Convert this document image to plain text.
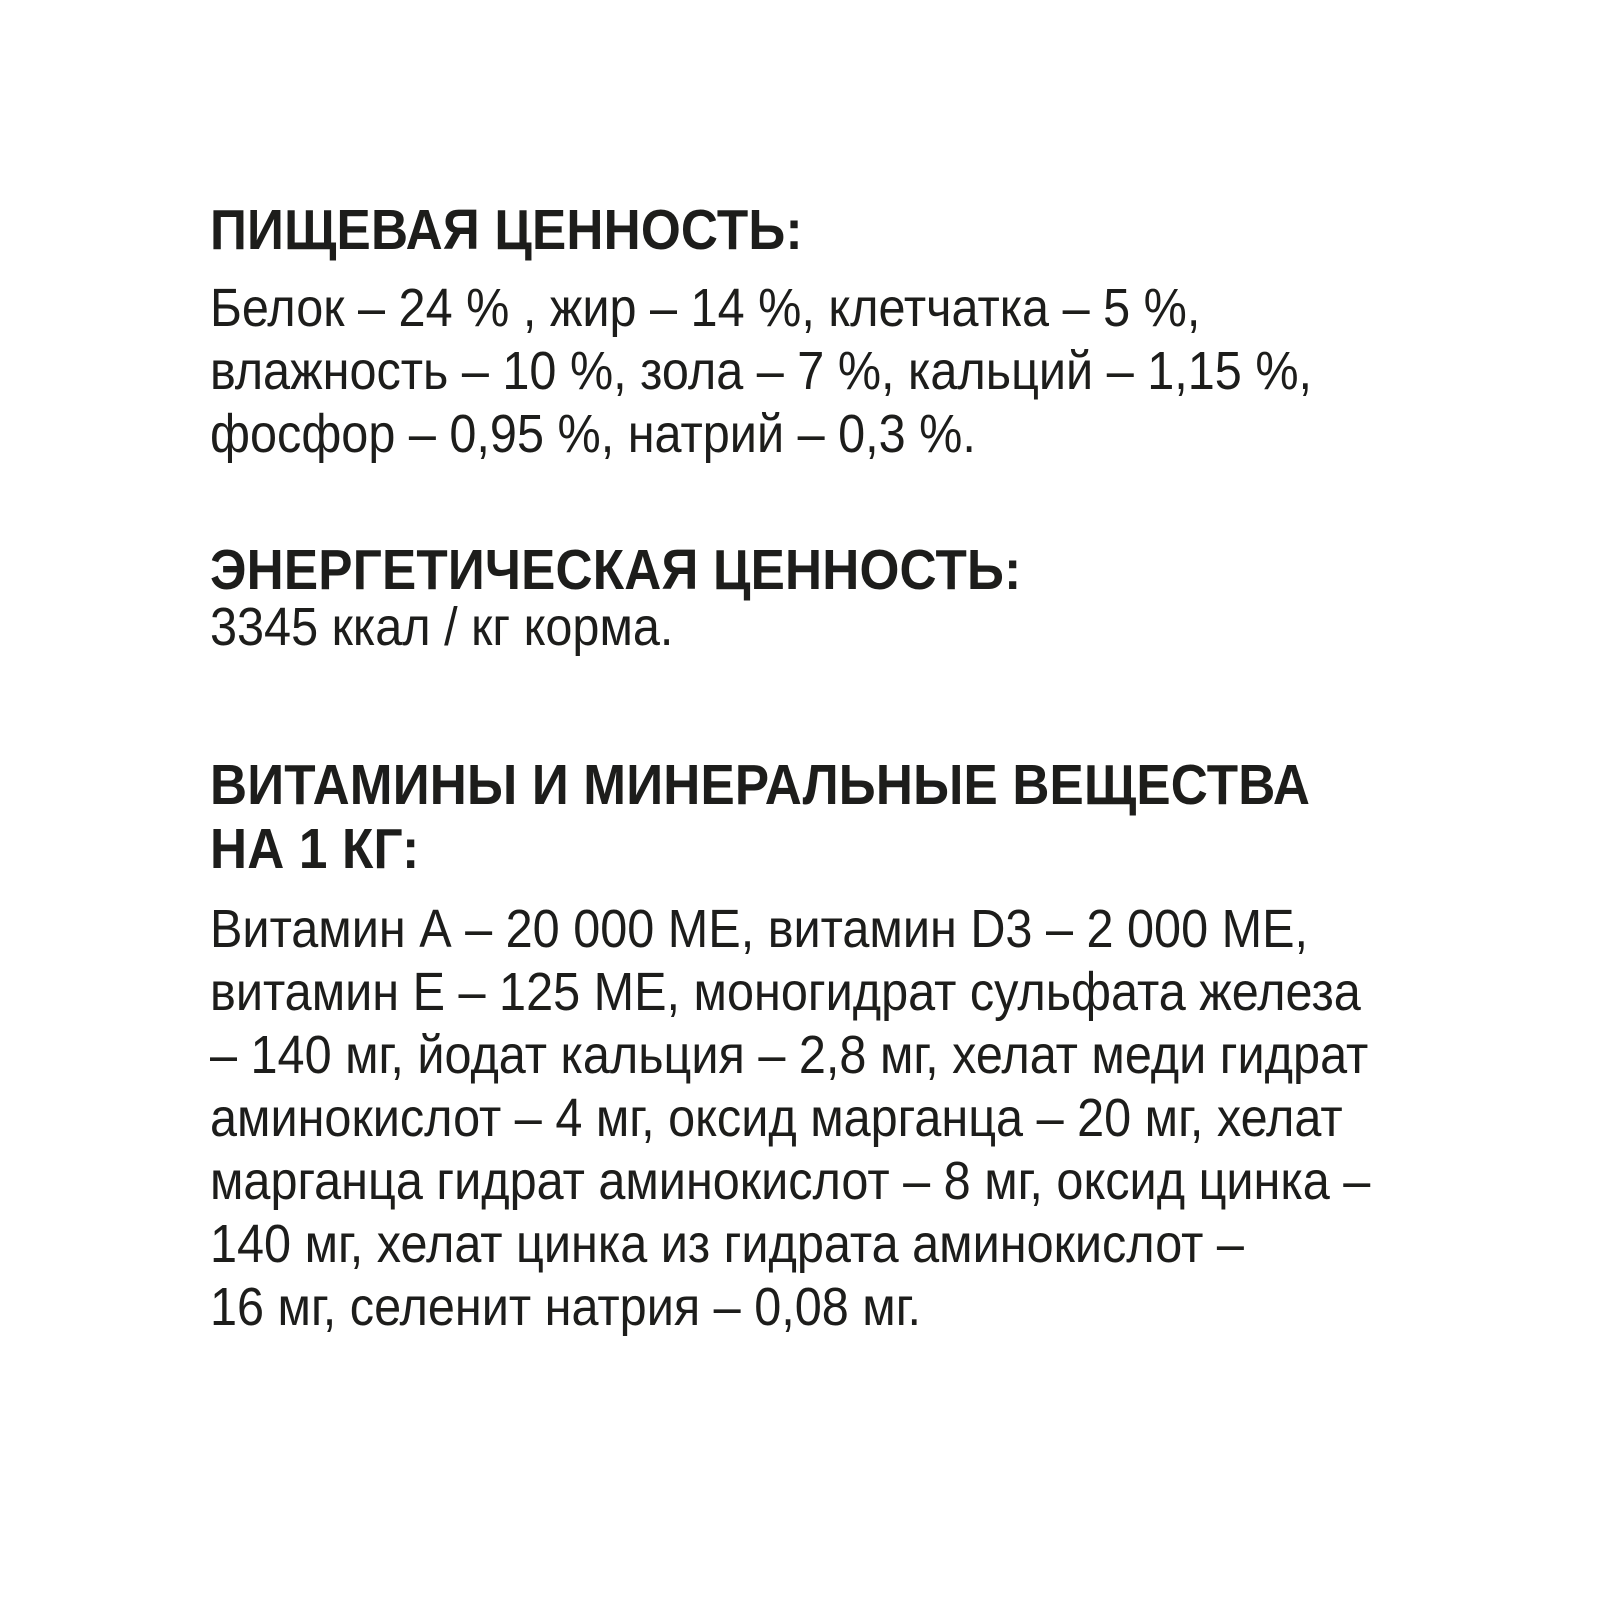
ПИЩЕВАЯ ЦЕННОСТЬ:

Белок – 24 % , жир – 14 %, клетчатка – 5 %,
влажность – 10 %, зола – 7 %, кальций – 1,15 %,
фосфор – 0,95 %, натрий – 0,3 %.

ЭНЕРГЕТИЧЕСКАЯ ЦЕННОСТЬ:

3345 ккал / кг корма.

ВИТАМИНЫ И МИНЕРАЛЬНЫЕ ВЕЩЕСТВА
НА 1 КГ:

Витамин А – 20 000 МЕ, витамин D3 – 2 000 МЕ,
витамин Е – 125 МЕ, моногидрат сульфата железа
– 140 мг, йодат кальция – 2,8 мг, хелат меди гидрат
аминокислот – 4 мг, оксид марганца – 20 мг, хелат
марганца гидрат аминокислот – 8 мг, оксид цинка –
140 мг, хелат цинка из гидрата аминокислот –
16 мг, селенит натрия – 0,08 мг.
